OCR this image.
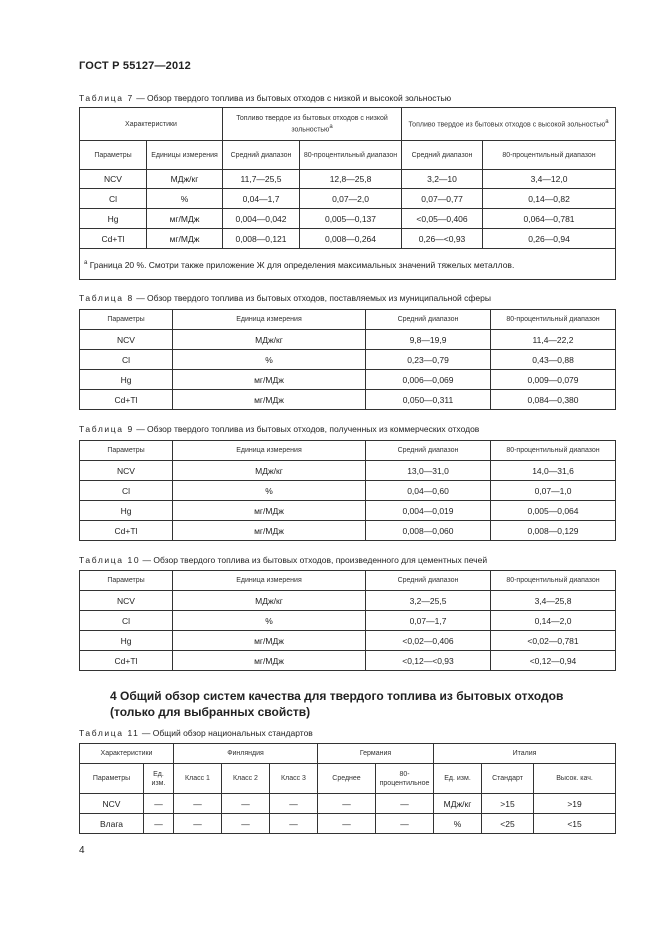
ГОСТ Р 55127—2012
Таблица 7 — Обзор твердого топлива из бытовых отходов с низкой и высокой зольностью
Характеристики		Топливо твердое из бытовых отходов с низкой зольностью$^a$		Топливо твердое из бытовых отходов с высокой зольностью$^a$
Параметры	Единицы измерения	Средний диапазон	80-процентильный диапазон	Средний диапазон	80-процентильный диапазон
NCV	МДж/кг	11,7—25,5	12,8—25,8	3,2—10	3,4—12,0
Cl	%	0,04—1,7	0,07—2,0	0,07—0,77	0,14—0,82
Hg	мг/МДж	0,004—0,042	0,005—0,137	<0,05—0,406	0,064—0,781
Cd+Tl	мг/МДж	0,008—0,121	0,008—0,264	0,26—<0,93	0,26—0,94
$^a$ Граница 20 %. Смотри также приложение Ж для определения максимальных значений тяжелых металлов.					
Таблица 8 — Обзор твердого топлива из бытовых отходов, поставляемых из муниципальной сферы
Параметры	Единица измерения	Средний диапазон	80-процентильный диапазон
NCV	МДж/кг	9,8—19,9	11,4—22,2
Cl	%	0,23—0,79	0,43—0,88
Hg	мг/МДж	0,006—0,069	0,009—0,079
Cd+Tl	мг/МДж	0,050—0,311	0,084—0,380
Таблица 9 — Обзор твердого топлива из бытовых отходов, полученных из коммерческих отходов
Параметры	Единица измерения	Средний диапазон	80-процентильный диапазон
NCV	МДж/кг	13,0—31,0	14,0—31,6
Cl	%	0,04—0,60	0,07—1,0
Hg	мг/МДж	0,004—0,019	0,005—0,064
Cd+Tl	мг/МДж	0,008—0,060	0,008—0,129
Таблица 10 — Обзор твердого топлива из бытовых отходов, произведенного для цементных печей
Параметры	Единица измерения	Средний диапазон	80-процентильный диапазон
NCV	МДж/кг	3,2—25,5	3,4—25,8
Cl	%	0,07—1,7	0,14—2,0
Hg	мг/МДж	<0,02—0,406	<0,02—0,781
Cd+Tl	мг/МДж	<0,12—<0,93	<0,12—0,94
4 Общий обзор систем качества для твердого топлива из бытовых отходов (только для выбранных свойств)
Таблица 11 — Общий обзор национальных стандартов
Характеристики		Финляндия			Германия		Италия		
Параметры	Ед. изм.	Класс 1	Класс 2	Класс 3	Среднее	80-процентильное	Ед. изм.	Стандарт	Высок. кач.
NCV	—	—	—	—	—	—	МДж/кг	>15	>19
Влага	—	—	—	—	—	—	%	<25	<15
4
